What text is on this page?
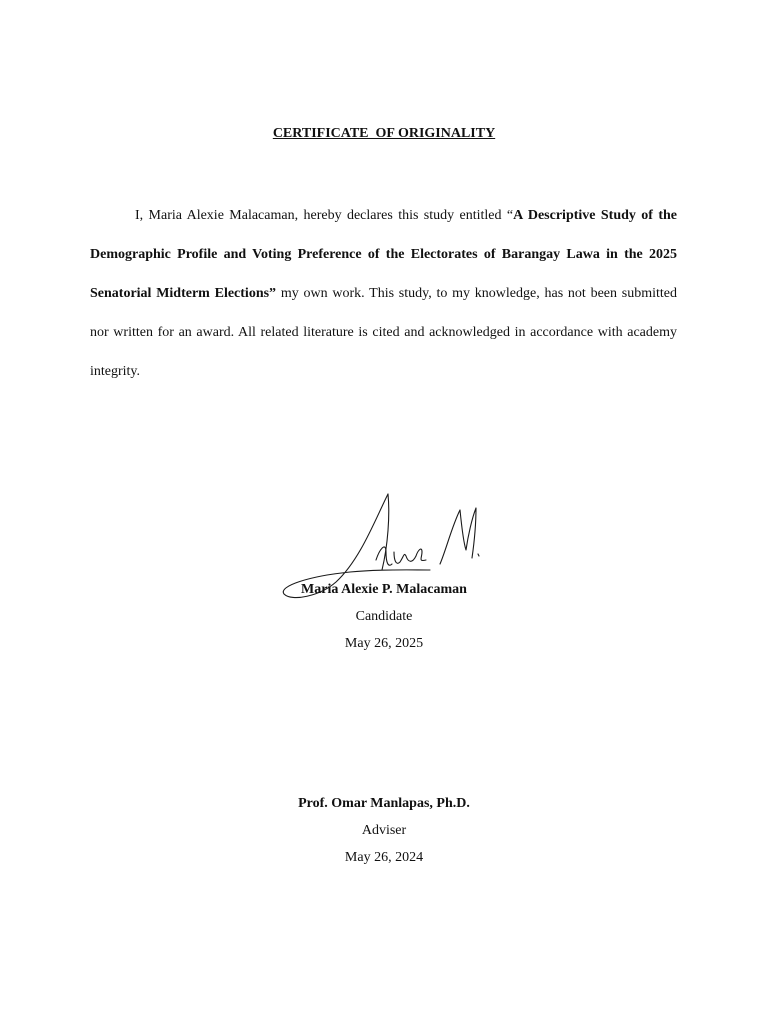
CERTIFICATE  OF ORIGINALITY

I, Maria Alexie Malacaman, hereby declares this study entitled “A Descriptive Study of the Demographic Profile and Voting Preference of the Electorates of Barangay Lawa in the 2025 Senatorial Midterm Elections” my own work. This study, to my knowledge, has not been submitted nor written for an award. All related literature is cited and acknowledged in accordance with academy integrity.

Maria Alexie P. Malacaman
Candidate
May 26, 2025
Prof. Omar Manlapas, Ph.D.
Adviser
May 26, 2024
